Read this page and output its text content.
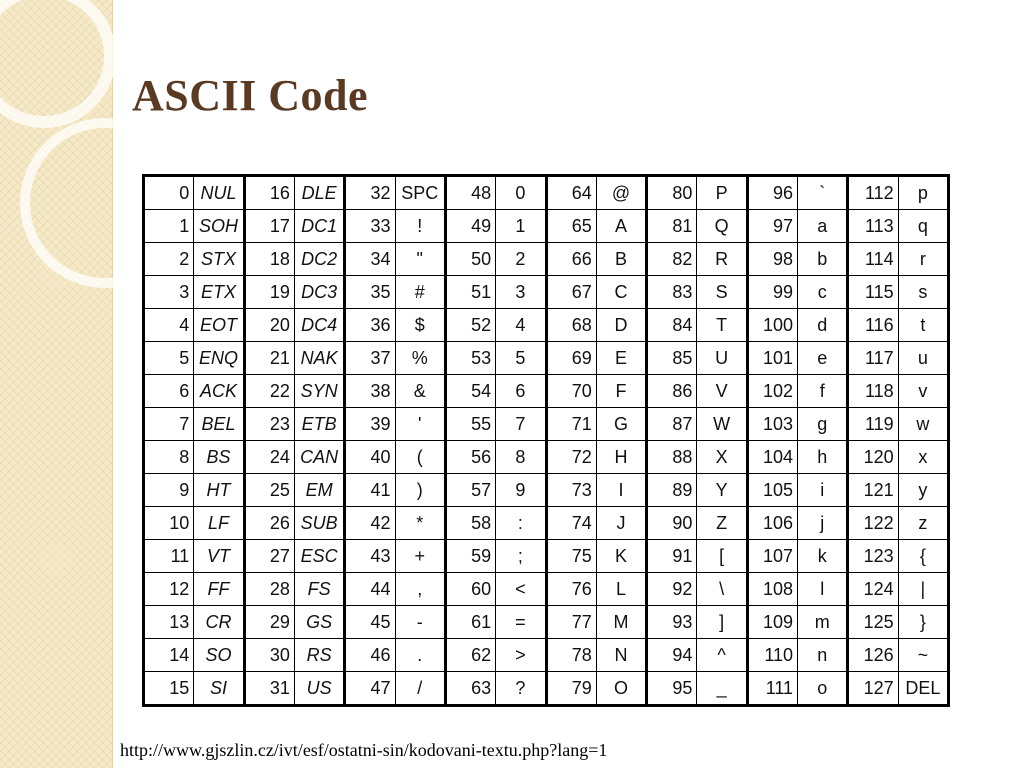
ASCII Code
0	NUL	16	DLE	32	SPC	48	0	64	@	80	P	96	`	112	p
1	SOH	17	DC1	33	!	49	1	65	A	81	Q	97	a	113	q
2	STX	18	DC2	34	"	50	2	66	B	82	R	98	b	114	r
3	ETX	19	DC3	35	#	51	3	67	C	83	S	99	c	115	s
4	EOT	20	DC4	36	$	52	4	68	D	84	T	100	d	116	t
5	ENQ	21	NAK	37	%	53	5	69	E	85	U	101	e	117	u
6	ACK	22	SYN	38	&	54	6	70	F	86	V	102	f	118	v
7	BEL	23	ETB	39	'	55	7	71	G	87	W	103	g	119	w
8	BS	24	CAN	40	(	56	8	72	H	88	X	104	h	120	x
9	HT	25	EM	41	)	57	9	73	I	89	Y	105	i	121	y
10	LF	26	SUB	42	*	58	:	74	J	90	Z	106	j	122	z
11	VT	27	ESC	43	+	59	;	75	K	91	[	107	k	123	{
12	FF	28	FS	44	,	60	<	76	L	92	\	108	l	124	|
13	CR	29	GS	45	-	61	=	77	M	93	]	109	m	125	}
14	SO	30	RS	46	.	62	>	78	N	94	^	110	n	126	~
15	SI	31	US	47	/	63	?	79	O	95	_	111	o	127	DEL
http://www.gjszlin.cz/ivt/esf/ostatni-sin/kodovani-textu.php?lang=1
